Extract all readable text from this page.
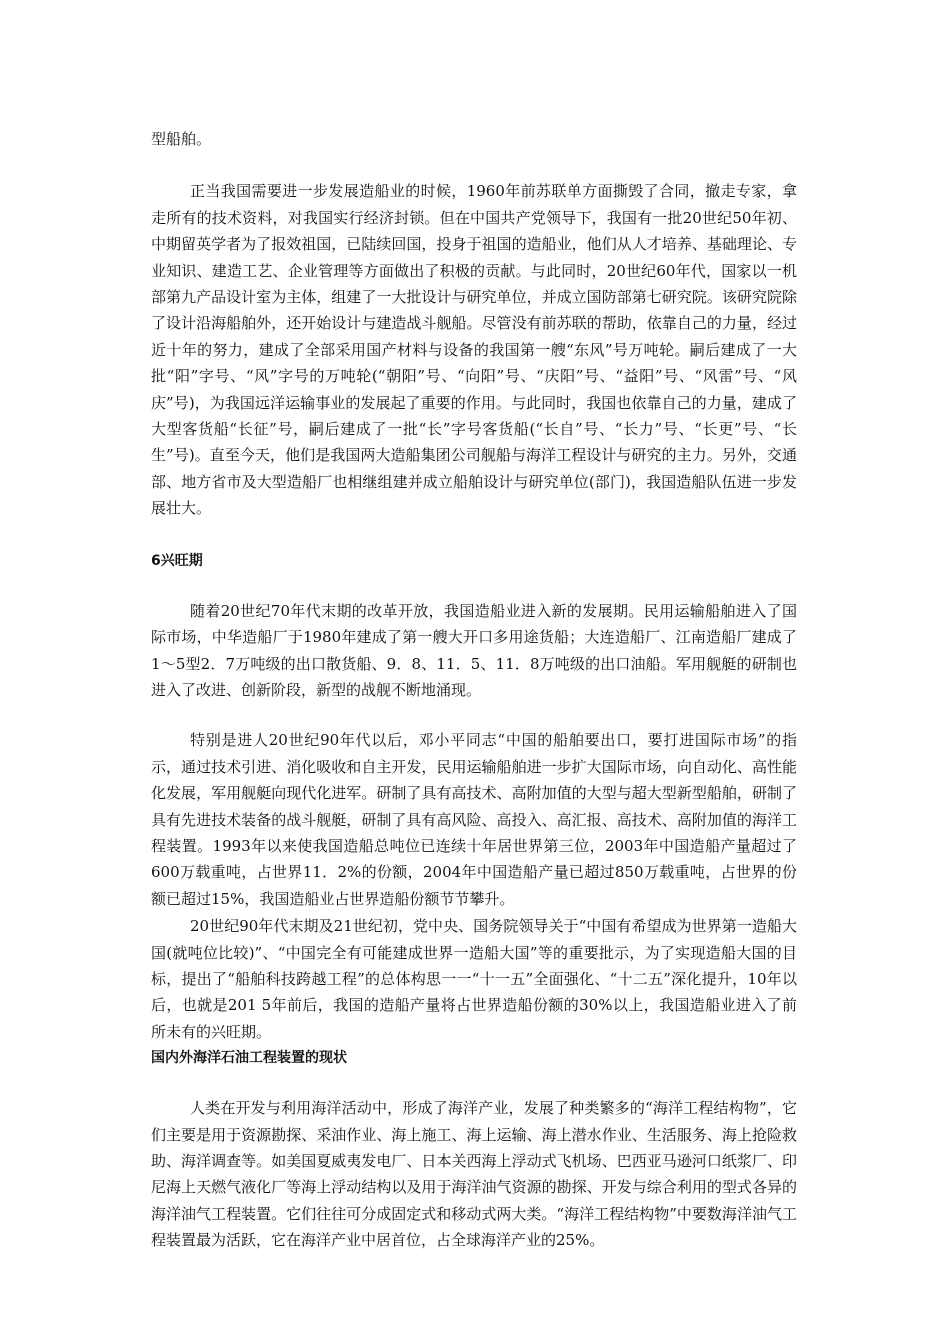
型船舶。

正当我国需要进一步发展造船业的时候，1960年前苏联单方面撕毁了合同，撤走专家，拿走所有的技术资料，对我国实行经济封锁。但在中国共产党领导下，我国有一批20世纪50年初、中期留英学者为了报效祖国，已陆续回国，投身于祖国的造船业，他们从人才培养、基础理论、专业知识、建造工艺、企业管理等方面做出了积极的贡献。与此同时，20世纪60年代，国家以一机部第九产品设计室为主体，组建了一大批设计与研究单位，并成立国防部第七研究院。该研究院除了设计沿海船舶外，还开始设计与建造战斗舰船。尽管没有前苏联的帮助，依靠自己的力量，经过近十年的努力，建成了全部采用国产材料与设备的我国第一艘“东风”号万吨轮。嗣后建成了一大批“阳”字号、“风”字号的万吨轮(“朝阳”号、“向阳”号、“庆阳”号、“益阳”号、“风雷”号、“风庆”号)，为我国远洋运输事业的发展起了重要的作用。与此同时，我国也依靠自己的力量，建成了大型客货船“长征”号，嗣后建成了一批“长”字号客货船(“长自”号、“长力”号、“长更”号、“长生”号)。直至今天，他们是我国两大造船集团公司舰船与海洋工程设计与研究的主力。另外，交通部、地方省市及大型造船厂也相继组建并成立船舶设计与研究单位(部门)，我国造船队伍进一步发展壮大。

6兴旺期

随着20世纪70年代末期的改革开放，我国造船业进入新的发展期。民用运输船舶进入了国际市场，中华造船厂于1980年建成了第一艘大开口多用途货船；大连造船厂、江南造船厂建成了1～5型2．7万吨级的出口散货船、9．8、11．5、11．8万吨级的出口油船。军用舰艇的研制也进入了改进、创新阶段，新型的战舰不断地涌现。

特别是进人20世纪90年代以后，邓小平同志“中国的船舶要出口，要打进国际市场”的指示，通过技术引进、消化吸收和自主开发，民用运输船舶进一步扩大国际市场，向自动化、高性能化发展，军用舰艇向现代化进军。研制了具有高技术、高附加值的大型与超大型新型船舶，研制了具有先进技术装备的战斗舰艇，研制了具有高风险、高投入、高汇报、高技术、高附加值的海洋工程装置。1993年以来使我国造船总吨位已连续十年居世界第三位，2003年中国造船产量超过了600万载重吨，占世界11．2%的份额，2004年中国造船产量已超过850万载重吨，占世界的份额已超过15%，我国造船业占世界造船份额节节攀升。

20世纪90年代末期及21世纪初，党中央、国务院领导关于“中国有希望成为世界第一造船大国(就吨位比较)”、“中国完全有可能建成世界一造船大国”等的重要批示，为了实现造船大国的目标，提出了“船舶科技跨越工程”的总体构思一一“十一五”全面强化、“十二五”深化提升，10年以后，也就是201 5年前后，我国的造船产量将占世界造船份额的30%以上，我国造船业进入了前所未有的兴旺期。

国内外海洋石油工程装置的现状

人类在开发与利用海洋活动中，形成了海洋产业，发展了种类繁多的“海洋工程结构物”，它们主要是用于资源勘探、采油作业、海上施工、海上运输、海上潜水作业、生活服务、海上抢险救助、海洋调查等。如美国夏威夷发电厂、日本关西海上浮动式飞机场、巴西亚马逊河口纸浆厂、印尼海上天燃气液化厂等海上浮动结构以及用于海洋油气资源的勘探、开发与综合利用的型式各异的海洋油气工程装置。它们往往可分成固定式和移动式两大类。“海洋工程结构物”中要数海洋油气工程装置最为活跃，它在海洋产业中居首位，占全球海洋产业的25%。
